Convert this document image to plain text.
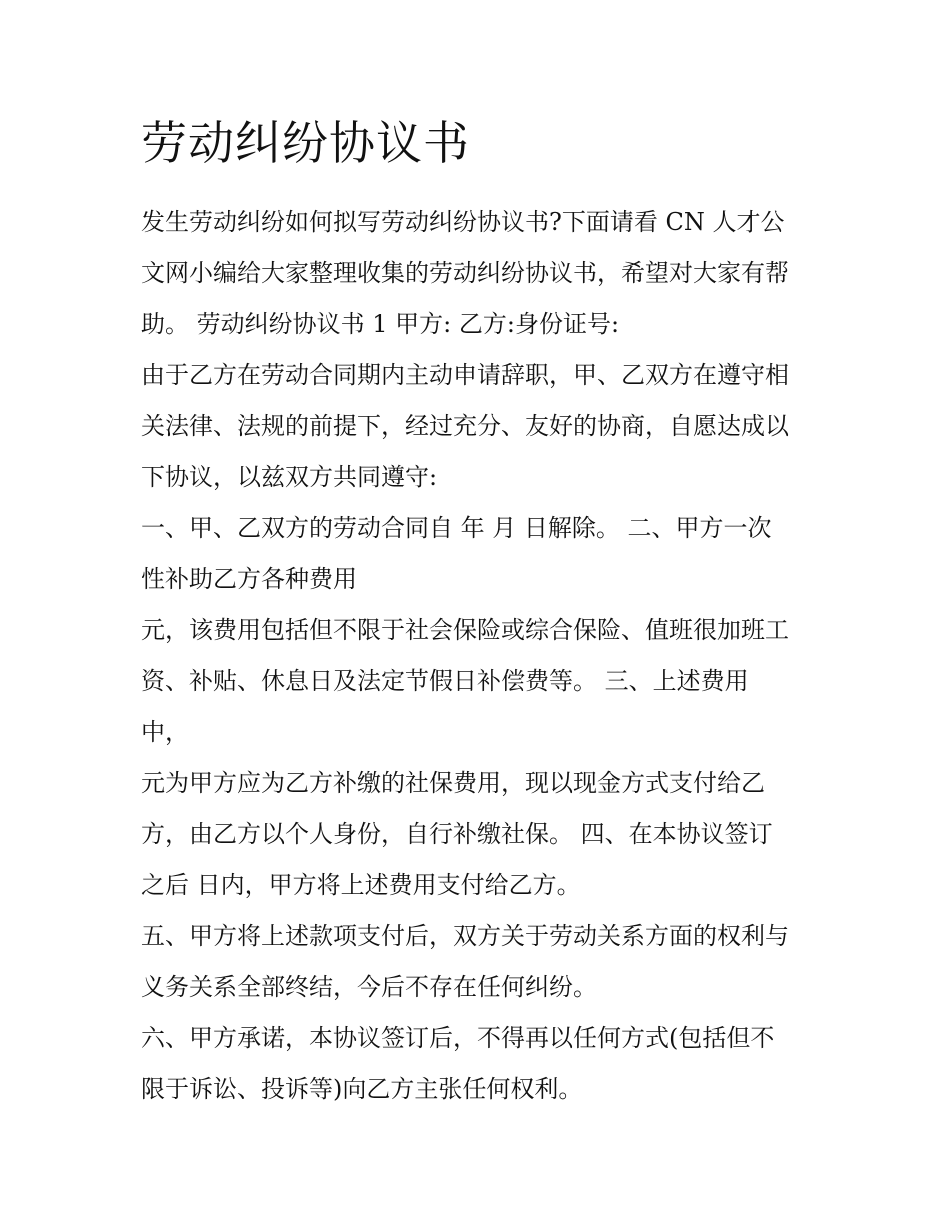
劳动纠纷协议书

发生劳动纠纷如何拟写劳动纠纷协议书?下面请看 CN 人才公

文网小编给大家整理收集的劳动纠纷协议书，希望对大家有帮

助。 劳动纠纷协议书 1 甲方: 乙方:身份证号:

由于乙方在劳动合同期内主动申请辞职，甲、乙双方在遵守相

关法律、法规的前提下，经过充分、友好的协商，自愿达成以

下协议，以兹双方共同遵守:

一、甲、乙双方的劳动合同自 年 月 日解除。 二、甲方一次

性补助乙方各种费用

元，该费用包括但不限于社会保险或综合保险、值班很加班工

资、补贴、休息日及法定节假日补偿费等。 三、上述费用

中，

元为甲方应为乙方补缴的社保费用，现以现金方式支付给乙

方，由乙方以个人身份，自行补缴社保。 四、在本协议签订

之后 日内，甲方将上述费用支付给乙方。

五、甲方将上述款项支付后，双方关于劳动关系方面的权利与

义务关系全部终结，今后不存在任何纠纷。

六、甲方承诺，本协议签订后，不得再以任何方式(包括但不

限于诉讼、投诉等)向乙方主张任何权利。
